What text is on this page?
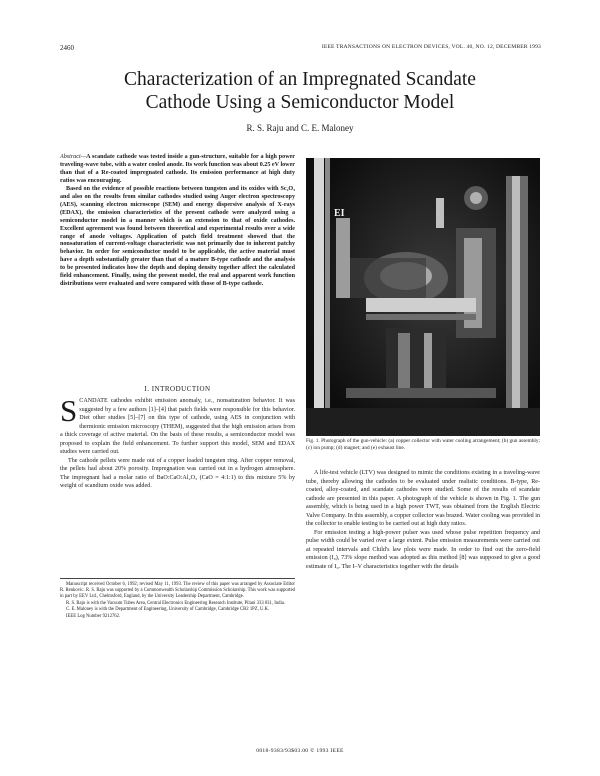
2460	IEEE TRANSACTIONS ON ELECTRON DEVICES, VOL. 40, NO. 12, DECEMBER 1993
Characterization of an Impregnated Scandate
Cathode Using a Semiconductor Model
R. S. Raju and C. E. Maloney

Abstract—A scandate cathode was tested inside a gun-structure, suitable for a high power traveling-wave tube, with a water cooled anode. Its work function was about 0.25 eV lower than that of a Re-coated impregnated cathode. Its emission performance at high duty ratios was encouraging.

Based on the evidence of possible reactions between tungsten and its oxides with Sc₂O₃ and also on the results from similar cathodes studied using Auger electron spectroscopy (AES), scanning electron microscope (SEM) and energy dispersive analysis of X-rays (EDAX), the emission characteristics of the present cathode were analyzed using a semiconductor model in a manner which is an extension to that of oxide cathodes. Excellent agreement was found between theoretical and experimental results over a wide range of anode voltages. Application of patch field treatment showed that the nonsaturation of current-voltage characteristic was not primarily due to inherent patchy behavior. In order for semiconductor model to be applicable, the active material must have a depth substantially greater than that of a mature B-type cathode and the analysis to be presented indicates how the depth and doping density together affect the calculated field enhancement. Finally, using the present model, the real and apparent work function distributions were evaluated and were compared with those of B-type cathode.

I. INTRODUCTION

SCANDATE cathodes exhibit emission anomaly, i.e., nonsaturation behavior. It was suggested by a few authors [1]–[4] that patch fields were responsible for this behavior. Diet other studies [5]–[7] on this type of cathode, using AES in conjunction with thermionic emission microscopy (THEM), suggested that the high emission arises from a thick coverage of active material. On the basis of these results, a semiconductor model was proposed to explain the field enhancement. To further support this model, SEM and EDAX studies were carried out.

The cathode pellets were made out of a copper loaded tungsten ring. After copper removal, the pellets had about 20% porosity. Impregnation was carried out in a hydrogen atmosphere. The impregnant had a molar ratio of BaO:CaO:Al₂O₃ (CaO = 4:1:1) to this mixture 5% by weight of scandium oxide was added.

Manuscript received October 6, 1992; revised May 11, 1993. The review of this paper was arranged by Associate Editor R. Renkovic. R. S. Raju was supported by a Commonwealth Scholarship Commission Scholarship. This work was supported in part by EEV Ltd., Chelmsford, England, by the University Leadership Department, Cambridge.

R. S. Raju is with the Vacuum Tubes Area, Central Electronics Engineering Research Institute, Pilani 333 031, India.

C. E. Maloney is with the Department of Engineering, University of Cambridge, Cambridge CB2 1PZ, U.K.

IEEE Log Number 9212762.

EI
Fig. 1. Photograph of the gun-vehicle: (a) copper collector with water cooling arrangement; (b) gun assembly; (c) ion pump; (d) magnet; and (e) exhaust line.

A life-test vehicle (LTV) was designed to mimic the conditions existing in a traveling-wave tube, thereby allowing the cathodes to be evaluated under realistic conditions. B-type, Re-coated, alloy-coated, and scandate cathodes were studied. Some of the results of scandate cathode are presented in this paper. A photograph of the vehicle is shown in Fig. 1. The gun assembly, which is being used in a high power TWT, was obtained from the English Electric Valve Company. In this assembly, a copper collector was brazed. Water cooling was provided in the collector to enable testing to be carried out at high duty ratios.

For emission testing a high-power pulser was used whose pulse repetition frequency and pulse width could be varied over a large extent. Pulse emission measurements were carried out at repeated intervals and Child's law plots were made. In order to find out the zero-field emission (I₀), 73% slope method was adopted as this method [8] was supposed to give a good estimate of I₀. The I–V characteristics together with the details

0018-9383/93$03.00 © 1993 IEEE
